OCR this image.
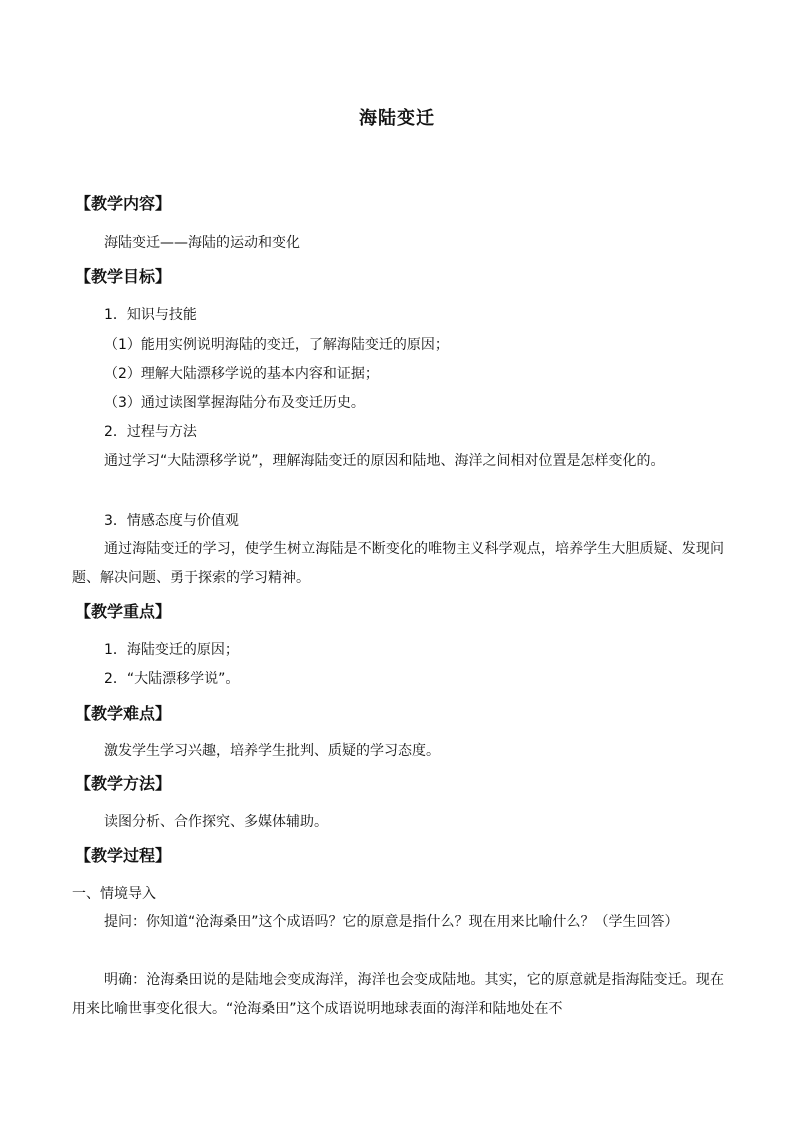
海陆变迁
【教学内容】
海陆变迁——海陆的运动和变化
【教学目标】
1．知识与技能
（1）能用实例说明海陆的变迁，了解海陆变迁的原因；
（2）理解大陆漂移学说的基本内容和证据；
（3）通过读图掌握海陆分布及变迁历史。
2．过程与方法
通过学习“大陆漂移学说”，理解海陆变迁的原因和陆地、海洋之间相对位置是怎样变化的。
3．情感态度与价值观
通过海陆变迁的学习，使学生树立海陆是不断变化的唯物主义科学观点，培养学生大胆质疑、发现问题、解决问题、勇于探索的学习精神。
【教学重点】
1．海陆变迁的原因；
2．“大陆漂移学说”。
【教学难点】
激发学生学习兴趣，培养学生批判、质疑的学习态度。
【教学方法】
读图分析、合作探究、多媒体辅助。
【教学过程】
一、情境导入
提问：你知道“沧海桑田”这个成语吗？它的原意是指什么？现在用来比喻什么？（学生回答）
明确：沧海桑田说的是陆地会变成海洋，海洋也会变成陆地。其实，它的原意就是指海陆变迁。现在用来比喻世事变化很大。“沧海桑田”这个成语说明地球表面的海洋和陆地处在不
